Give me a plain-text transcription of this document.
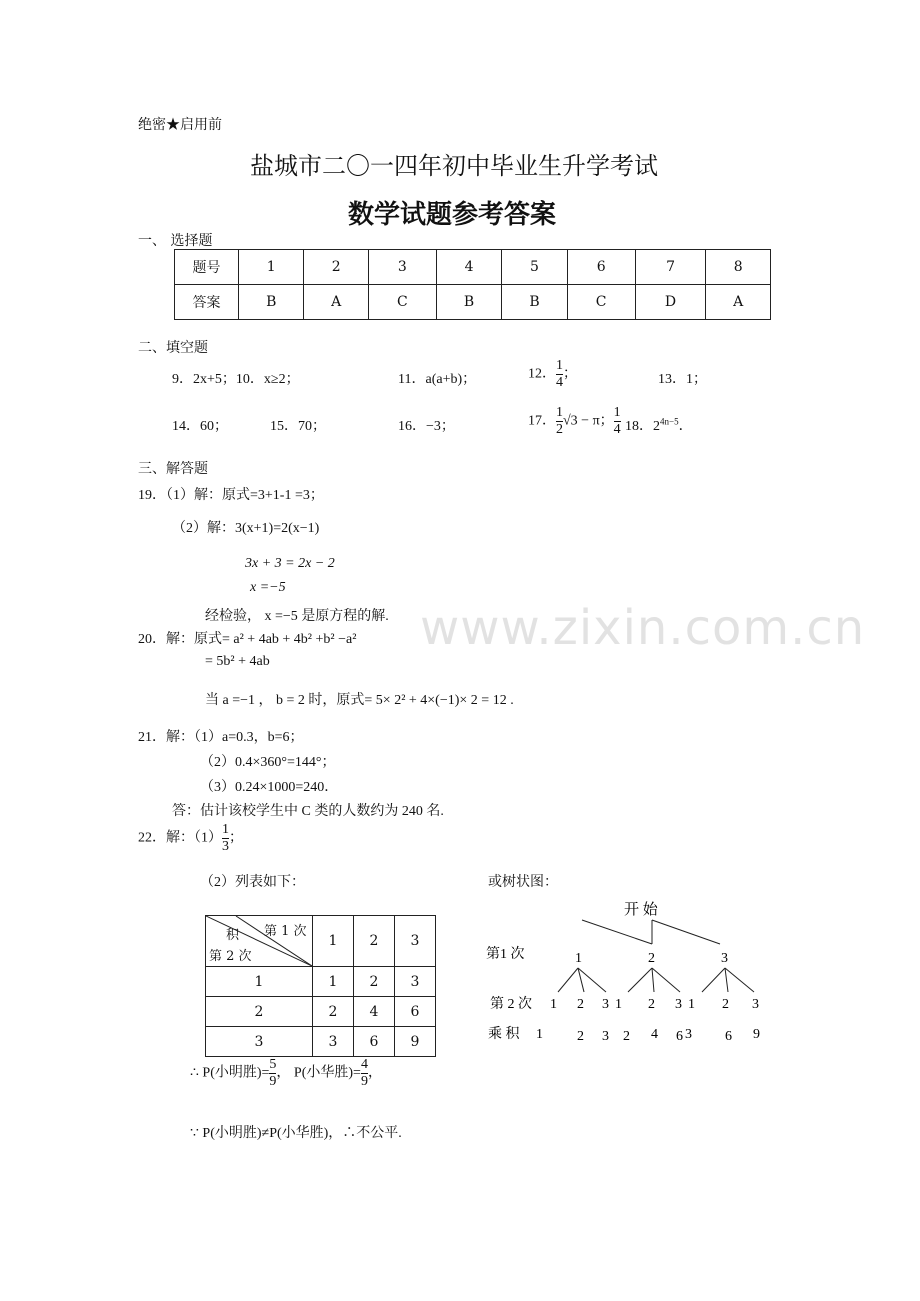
绝密★启用前
盐城市二〇一四年初中毕业生升学考试
数学试题参考答案
一、 选择题
题号	1	2	3	4	5	6	7	8
答案	B	A	C	B	B	C	D	A
二、填空题
9．2x+5；10．x≥2；	11．a(a+b)；	12． $\frac{1}{4}$ ；	13．1；
14．60；	15．70；	16．−3；	17． $\frac{1}{2} √3 - \pi$； $\frac{1}{4} 18$．$2^{4n-5}$．
三、解答题
19．（1）解：原式=3+1-1 =3；
（2）解：3(x+1)=2(x−1)
3x + 3 = 2x − 2
x =−5
经检验， x =−5 是原方程的解.
20．解：原式= a² + 4ab + 4b² +b² −a²
= 5b² + 4ab
当 a =−1 ， b = 2 时，原式= 5× 2² + 4×(−1)× 2 = 12 .
21．解：（1）a=0.3，b=6；
（2）0.4×360°=144°；
（3）0.24×1000=240．
答：估计该校学生中 C 类的人数约为 240 名.
22．解：$(1) \frac{1}{3}$ ；
（2）列表如下：	或树状图：
第 1 次
积
第 2 次	1	2	3
1	1	2	3
2	2	4	6
3	3	6	9
开 始
第1 次	1	2	3
第 2 次 1 2 3 1 2 3 1 2 3
乘 积 1 2 3 2 4 6 3 6 9
∴ P(小明胜)= $\frac{5}{9}$ ， P(小华胜)= $\frac{4}{9}$ ，
∵ P(小明胜)≠P(小华胜)，∴不公平.
www.zixin.com.cn
